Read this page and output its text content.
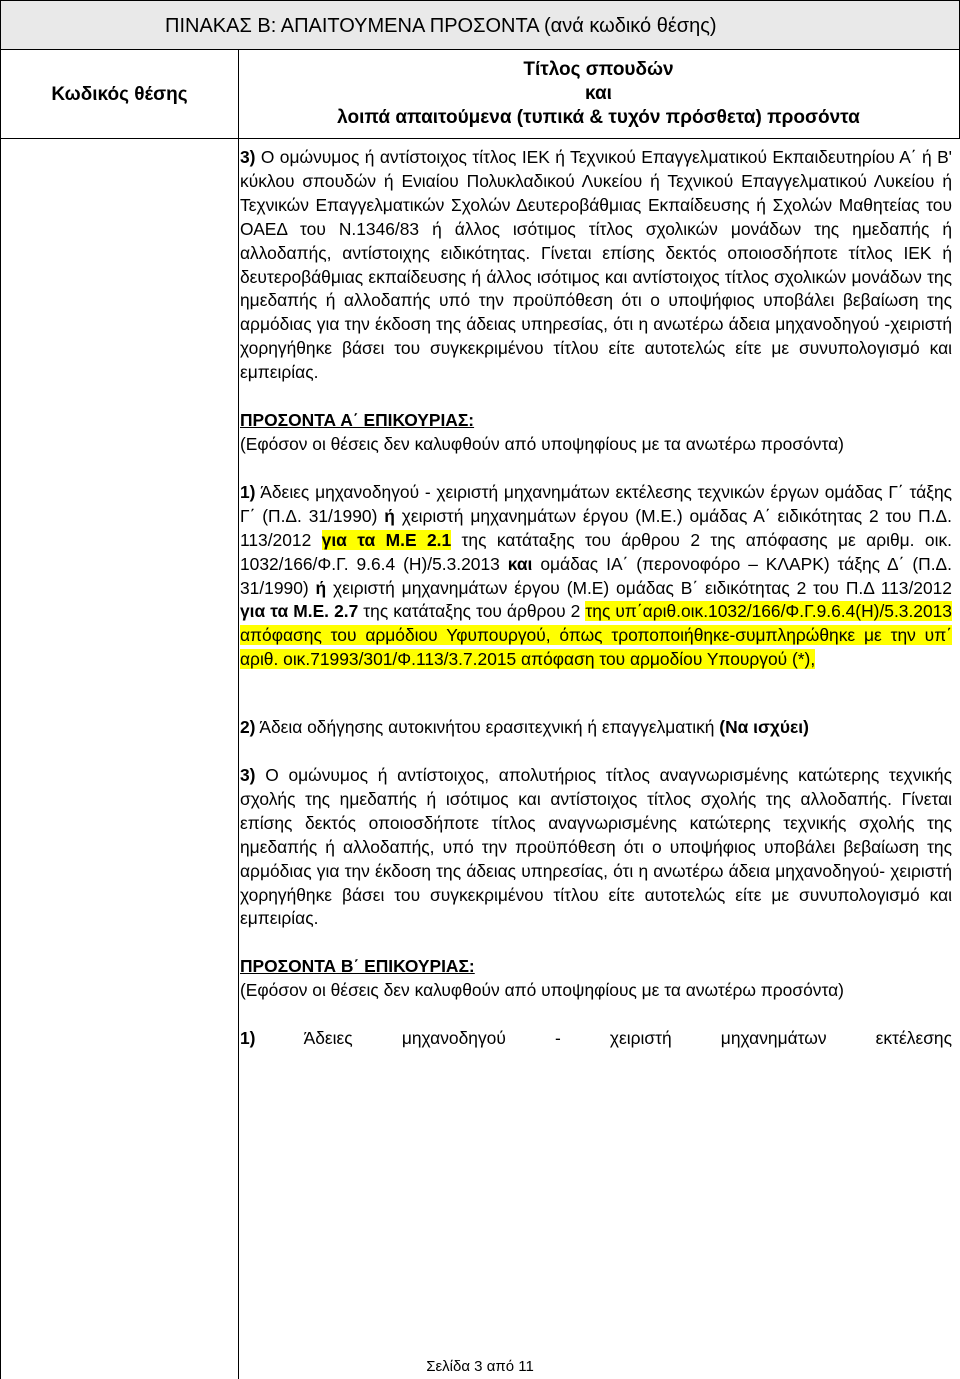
ΠΙΝΑΚΑΣ Β: ΑΠΑΙΤΟΥΜΕΝΑ ΠΡΟΣΟΝΤΑ (ανά κωδικό θέσης)
Κωδικός θέσης
Τίτλος σπουδών
και
λοιπά απαιτούμενα (τυπικά & τυχόν πρόσθετα) προσόντα

3) Ο ομώνυμος ή αντίστοιχος τίτλος ΙΕΚ ή Τεχνικού Επαγγελματικού Εκπαιδευτηρίου Α΄ ή Β' κύκλου σπουδών ή Ενιαίου Πολυκλαδικού Λυκείου ή Τεχνικού Επαγγελματικού Λυκείου ή Τεχνικών Επαγγελματικών Σχολών Δευτεροβάθμιας Εκπαίδευσης ή Σχολών Μαθητείας του ΟΑΕΔ του Ν.1346/83 ή άλλος ισότιμος τίτλος σχολικών μονάδων της ημεδαπής ή αλλοδαπής, αντίστοιχης ειδικότητας. Γίνεται επίσης δεκτός οποιοσδήποτε τίτλος ΙΕΚ ή δευτεροβάθμιας εκπαίδευσης ή άλλος ισότιμος και αντίστοιχος τίτλος σχολικών μονάδων της ημεδαπής ή αλλοδαπής υπό την προϋπόθεση ότι ο υποψήφιος υποβάλει βεβαίωση της αρμόδιας για την έκδοση της άδειας υπηρεσίας, ότι η ανωτέρω άδεια μηχανοδηγού -χειριστή χορηγήθηκε βάσει του συγκεκριμένου τίτλου είτε αυτοτελώς είτε με συνυπολογισμό και εμπειρίας.

ΠΡΟΣΟΝΤΑ Α΄ ΕΠΙΚΟΥΡΙΑΣ:

(Εφόσον οι θέσεις δεν καλυφθούν από υποψηφίους με τα ανωτέρω προσόντα)

1) Άδειες μηχανοδηγού - χειριστή μηχανημάτων εκτέλεσης τεχνικών έργων ομάδας Γ΄ τάξης Γ΄ (Π.Δ. 31/1990) ή χειριστή μηχανημάτων έργου (Μ.Ε.) ομάδας Α΄ ειδικότητας 2 του Π.Δ. 113/2012 για τα Μ.Ε 2.1 της κατάταξης του άρθρου 2 της απόφασης με αριθμ. οικ. 1032/166/Φ.Γ. 9.6.4 (Η)/5.3.2013 και ομάδας ΙΑ΄ (περονοφόρο – ΚΛΑΡΚ) τάξης Δ΄ (Π.Δ. 31/1990) ή χειριστή μηχανημάτων έργου (Μ.Ε) ομάδας Β΄ ειδικότητας 2 του Π.Δ 113/2012 για τα Μ.Ε. 2.7 της κατάταξης του άρθρου 2 της υπ΄αριθ.οικ.1032/166/Φ.Γ.9.6.4(Η)/5.3.2013 απόφασης του αρμόδιου Υφυπουργού, όπως τροποποιήθηκε-συμπληρώθηκε με την υπ΄ αριθ. οικ.71993/301/Φ.113/3.7.2015 απόφαση του αρμοδίου Υπουργού (*),

2) Άδεια οδήγησης αυτοκινήτου ερασιτεχνική ή επαγγελματική (Να ισχύει)

3) Ο ομώνυμος ή αντίστοιχος, απολυτήριος τίτλος αναγνωρισμένης κατώτερης τεχνικής σχολής της ημεδαπής ή ισότιμος και αντίστοιχος τίτλος σχολής της αλλοδαπής. Γίνεται επίσης δεκτός οποιοσδήποτε τίτλος αναγνωρισμένης κατώτερης τεχνικής σχολής της ημεδαπής ή αλλοδαπής, υπό την προϋπόθεση ότι ο υποψήφιος υποβάλει βεβαίωση της αρμόδιας για την έκδοση της άδειας υπηρεσίας, ότι η ανωτέρω άδεια μηχανοδηγού- χειριστή χορηγήθηκε βάσει του συγκεκριμένου τίτλου είτε αυτοτελώς είτε με συνυπολογισμό και εμπειρίας.

ΠΡΟΣΟΝΤΑ Β΄ ΕΠΙΚΟΥΡΙΑΣ:

(Εφόσον οι θέσεις δεν καλυφθούν από υποψηφίους με τα ανωτέρω προσόντα)

1) Άδειες μηχανοδηγού - χειριστή μηχανημάτων εκτέλεσης

Σελίδα 3 από 11
